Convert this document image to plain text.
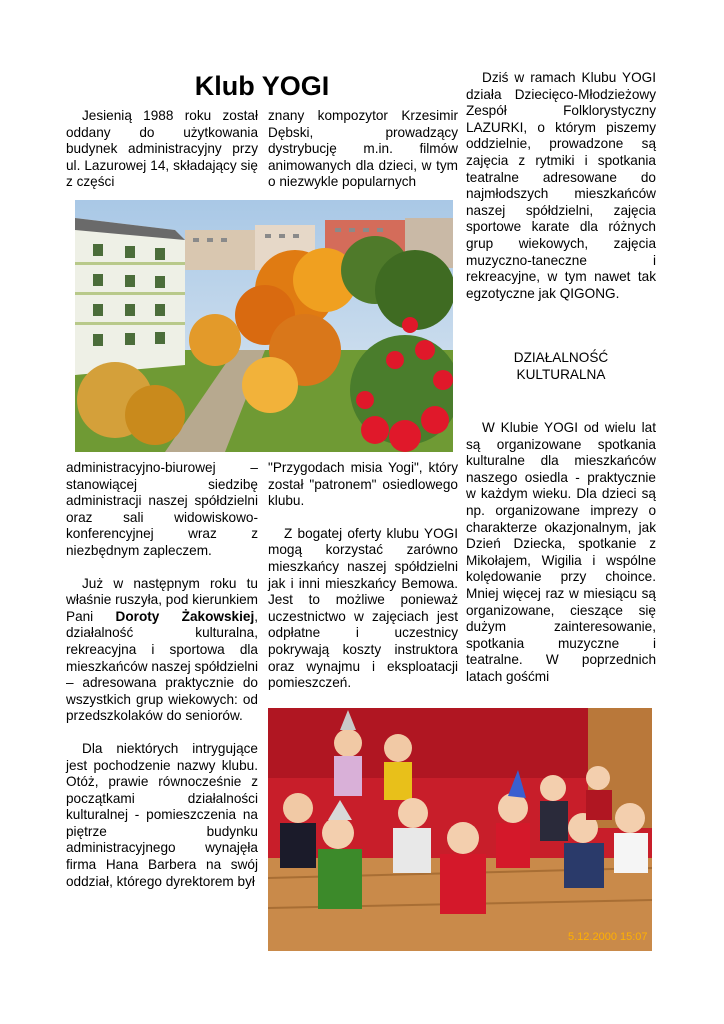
Klub YOGI

Jesienią 1988 roku został oddany do użytkowania budynek administracyjny przy ul. Lazurowej 14, składający się z części

znany kompozytor Krzesimir Dębski, prowadzący dystrybucję m.in. filmów animowanych dla dzieci, w tym o niezwykle popularnych

Dziś w ramach Klubu YOGI działa Dziecięco-Młodzieżowy Zespół Folklorystyczny LAZURKI, o którym piszemy oddzielnie, prowadzone są zajęcia z rytmiki i spotkania teatralne adresowane do najmłodszych mieszkańców naszej spółdzielni, zajęcia sportowe karate dla różnych grup wiekowych, zajęcia muzyczno-taneczne i rekreacyjne, w tym nawet tak egzotyczne jak QIGONG.

DZIAŁALNOŚĆ KULTURALNA

W Klubie YOGI od wielu lat są organizowane spotkania kulturalne dla mieszkańców naszego osiedla - praktycznie w każdym wieku. Dla dzieci są np. organizowane imprezy o charakterze okazjonalnym, jak Dzień Dziecka, spotkanie z Mikołajem, Wigilia i wspólne kolędowanie przy choince. Mniej więcej raz w miesiącu są organizowane, cieszące się dużym zainteresowanie, spotkania muzyczne i teatralne. W poprzednich latach gośćmi

administracyjno-biurowej – stanowiącej siedzibę administracji naszej spółdzielni oraz sali widowiskowo-konferencyjnej wraz z niezbędnym zapleczem.

Już w następnym roku tu właśnie ruszyła, pod kierunkiem Pani Doroty Żakowskiej, działalność kulturalna, rekreacyjna i sportowa dla mieszkańców naszej spółdzielni – adresowana praktycznie do wszystkich grup wiekowych: od przedszkolaków do seniorów.

Dla niektórych intrygujące jest pochodzenie nazwy klubu. Otóż, prawie równocześnie z początkami działalności kulturalnej - pomieszczenia na piętrze budynku administracyjnego wynajęła firma Hana Barbera na swój oddział, którego dyrektorem był

"Przygodach misia Yogi", który został "patronem" osiedlowego klubu.

Z bogatej oferty klubu YOGI mogą korzystać zarówno mieszkańcy naszej spółdzielni jak i inni mieszkańcy Bemowa. Jest to możliwe ponieważ uczestnictwo w zajęciach jest odpłatne i uczestnicy pokrywają koszty instruktora oraz wynajmu i eksploatacji pomieszczeń.

5.12.2000 15:07
